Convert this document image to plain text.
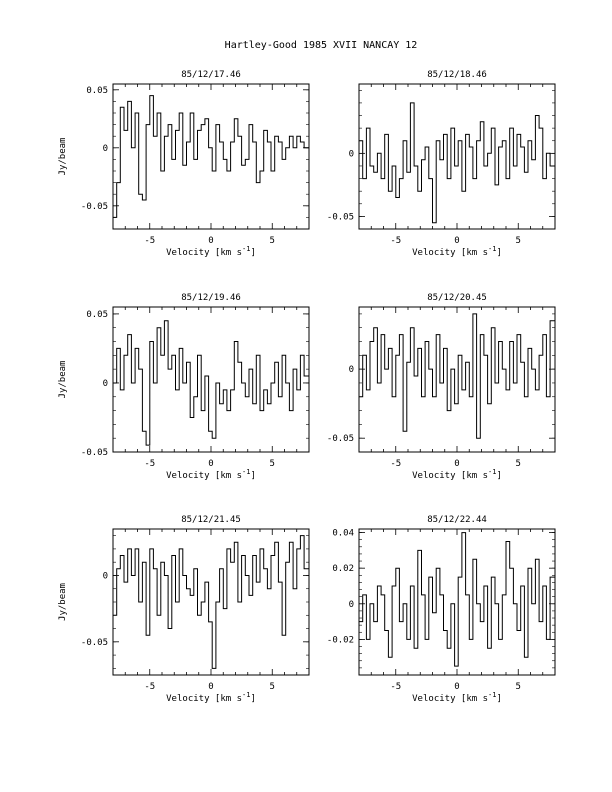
Hartley-Good 1985 XVII NANCAY 12
85/12/17.46
Jy/beam
Velocity [km $s^{-1}$]
-5	0	5
0.05
0
-0.05
85/12/18.46
Velocity [km $s^{-1}$]
-5	0	5
0
-0.05
85/12/19.46
Jy/beam
Velocity [km $s^{-1}$]
-5	0	5
0.05
0
-0.05
85/12/20.45
Velocity [km $s^{-1}$]
-5	0	5
0
-0.05
85/12/21.45
Jy/beam
Velocity [km $s^{-1}$]
-5	0	5
0
-0.05
85/12/22.44
Velocity [km $s^{-1}$]
-5	0	5
0.04
0.02
0
-0.02
